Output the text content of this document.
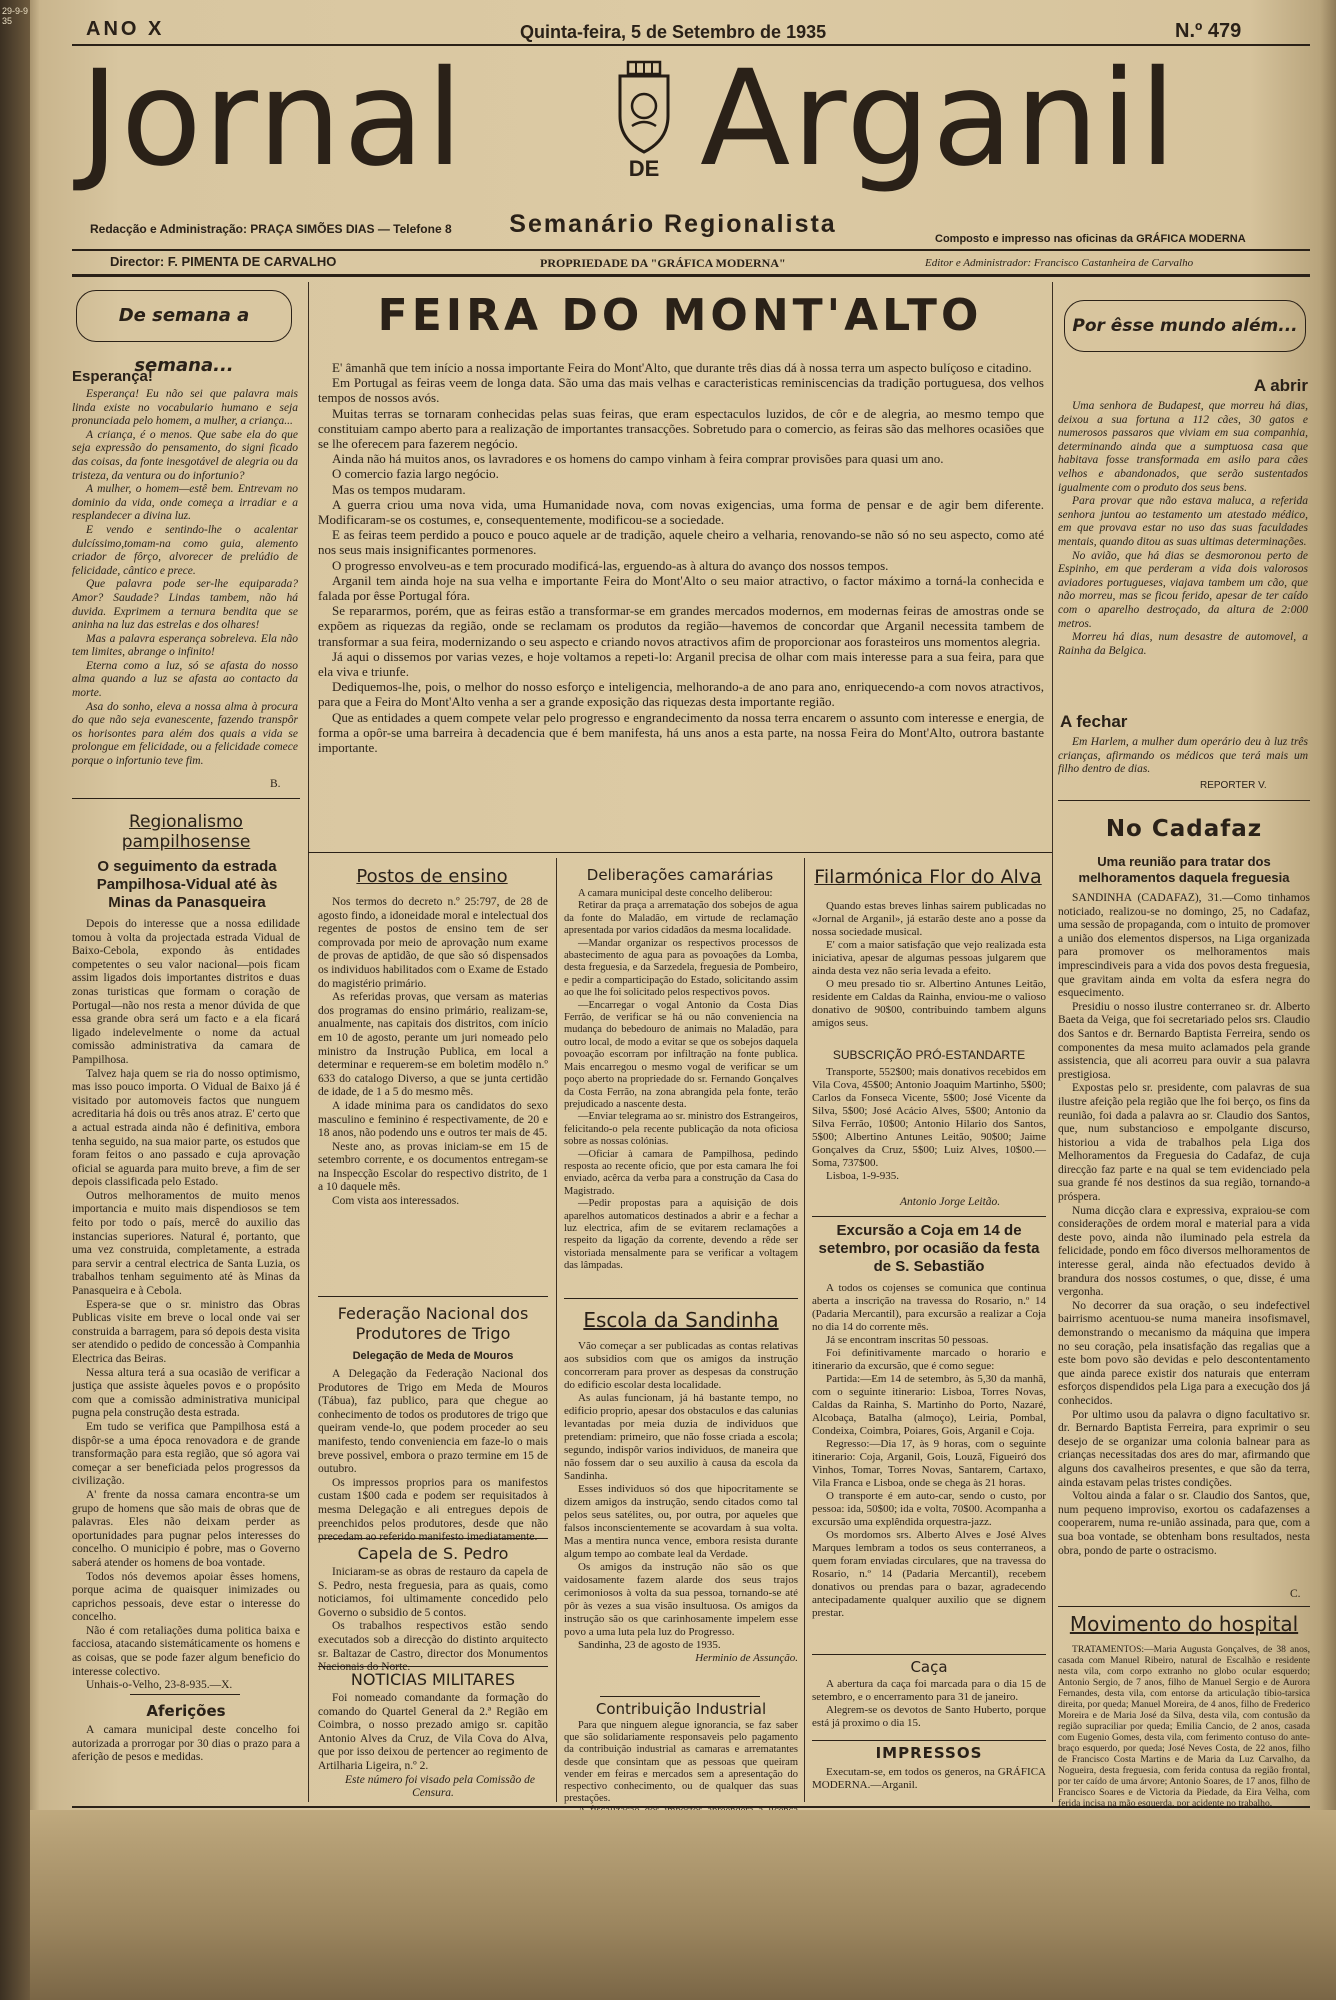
29-9-935	ANO X	Quinta-feira, 5 de Setembro de 1935	N.º 479
Jornal	DE Arganil
Redacção e Administração: PRAÇA SIMÕES DIAS — Telefone 8	Semanário Regionalista
Composto e impresso nas oficinas da GRÁFICA MODERNA
Director: F. PIMENTA DE CARVALHO	PROPRIEDADE DA "GRÁFICA MODERNA"	Editor e Administrador: Francisco Castanheira de Carvalho
De semana a semana...
Esperança!

Esperança! Eu não sei que palavra mais linda existe no vocabulario humano e seja pronunciada pelo homem, a mulher, a criança...

A criança, é o menos. Que sabe ela do que seja expressão do pensamento, do signi ficado das coisas, da fonte inesgotável de alegria ou da tristeza, da ventura ou do infortunio?

A mulher, o homem—estê bem. Entrevam no dominio da vida, onde começa a irradiar e a resplandecer a divina luz.

E vendo e sentindo-lhe o acalentar dulcíssimo,tomam-na como guia, alemento criador de fôrço, alvorecer de prelúdio de felicidade, cântico e prece.

Que palavra pode ser-lhe equiparada? Amor? Saudade? Lindas tambem, não há duvida. Exprimem a ternura bendita que se aninha na luz das estrelas e dos olhares!

Mas a palavra esperança sobreleva. Ela não tem limites, abrange o infinito!

Eterna como a luz, só se afasta do nosso alma quando a luz se afasta ao contacto da morte.

Asa do sonho, eleva a nossa alma à procura do que não seja evanescente, fazendo transpôr os horisontes para além dos quais a vida se prolongue em felicidade, ou a felicidade comece porque o infortunio teve fim.

B.
Regionalismo pampilhosense
O seguimento da estrada Pampilhosa-Vidual até às Minas da Panasqueira

Depois do interesse que a nossa edilidade tomou à volta da projectada estrada Vidual de Baixo-Cebola, expondo às entidades competentes o seu valor nacional—pois ficam assim ligados dois importantes distritos e duas zonas turisticas que formam o coração de Portugal—não nos resta a menor dúvida de que essa grande obra será um facto e a ela ficará ligado indelevelmente o nome da actual comissão administrativa da camara de Pampilhosa.

Talvez haja quem se ria do nosso optimismo, mas isso pouco importa. O Vidual de Baixo já é visitado por automoveis factos que nunguem acreditaria há dois ou três anos atraz. E' certo que a actual estrada ainda não é definitiva, embora tenha seguido, na sua maior parte, os estudos que foram feitos o ano passado e cuja aprovação oficial se aguarda para muito breve, a fim de ser depois classificada pelo Estado.

Outros melhoramentos de muito menos importancia e muito mais dispendiosos se tem feito por todo o país, mercê do auxilio das instancias superiores. Natural é, portanto, que uma vez construida, completamente, a estrada para servir a central electrica de Santa Luzia, os trabalhos tenham seguimento até às Minas da Panasqueira e à Cebola.

Espera-se que o sr. ministro das Obras Publicas visite em breve o local onde vai ser construida a barragem, para só depois desta visita ser atendido o pedido de concessão à Companhia Electrica das Beiras.

Nessa altura terá a sua ocasião de verificar a justiça que assiste àqueles povos e o propósito com que a comissão administrativa municipal pugna pela construção desta estrada.

Em tudo se verifica que Pampilhosa está a dispôr-se a uma época renovadora e de grande transformação para esta região, que só agora vai começar a ser beneficiada pelos progressos da civilização.

A' frente da nossa camara encontra-se um grupo de homens que são mais de obras que de palavras. Eles não deixam perder as oportunidades para pugnar pelos interesses do concelho. O municipio é pobre, mas o Governo saberá atender os homens de boa vontade.

Todos nós devemos apoiar êsses homens, porque acima de quaisquer inimizades ou caprichos pessoais, deve estar o interesse do concelho.

Não é com retaliações duma politica baixa e facciosa, atacando sistemáticamente os homens e as coisas, que se pode fazer algum beneficio do interesse colectivo.

Unhais-o-Velho, 23-8-935.—X.

Aferições

A camara municipal deste concelho foi autorizada a prorrogar por 30 dias o prazo para a aferição de pesos e medidas.

FEIRA DO MONT'ALTO

E' âmanhã que tem início a nossa importante Feira do Mont'Alto, que durante três dias dá à nossa terra um aspecto bulíçoso e citadino.

Em Portugal as feiras veem de longa data. São uma das mais velhas e caracteristicas reminiscencias da tradição portuguesa, dos velhos tempos de nossos avós.

Muitas terras se tornaram conhecidas pelas suas feiras, que eram espectaculos luzidos, de côr e de alegria, ao mesmo tempo que constituiam campo aberto para a realização de importantes transacções. Sobretudo para o comercio, as feiras são das melhores ocasiões que se lhe oferecem para fazerem negócio.

Ainda não há muitos anos, os lavradores e os homens do campo vinham à feira comprar provisões para quasi um ano.

O comercio fazia largo negócio.

Mas os tempos mudaram.

A guerra criou uma nova vida, uma Humanidade nova, com novas exigencias, uma forma de pensar e de agir bem diferente. Modificaram-se os costumes, e, consequentemente, modificou-se a sociedade.

E as feiras teem perdido a pouco e pouco aquele ar de tradição, aquele cheiro a velharia, renovando-se não só no seu aspecto, como até nos seus mais insignificantes pormenores.

O progresso envolveu-as e tem procurado modificá-las, erguendo-as à altura do avanço dos nossos tempos.

Arganil tem ainda hoje na sua velha e importante Feira do Mont'Alto o seu maior atractivo, o factor máximo a torná-la conhecida e falada por êsse Portugal fóra.

Se repararmos, porém, que as feiras estão a transformar-se em grandes mercados modernos, em modernas feiras de amostras onde se expõem as riquezas da região, onde se reclamam os produtos da região—havemos de concordar que Arganil necessita tambem de transformar a sua feira, modernizando o seu aspecto e criando novos atractivos afim de proporcionar aos forasteiros uns momentos alegria.

Já aqui o dissemos por varias vezes, e hoje voltamos a repeti-lo: Arganil precisa de olhar com mais interesse para a sua feira, para que ela viva e triunfe.

Dediquemos-lhe, pois, o melhor do nosso esforço e inteligencia, melhorando-a de ano para ano, enriquecendo-a com novos atractivos, para que a Feira do Mont'Alto venha a ser a grande exposição das riquezas desta importante região.

Que as entidades a quem compete velar pelo progresso e engrandecimento da nossa terra encarem o assunto com interesse e energia, de forma a opôr-se uma barreira à decadencia que é bem manifesta, há uns anos a esta parte, na nossa Feira do Mont'Alto, outrora bastante importante.

Postos de ensino

Nos termos do decreto n.º 25:797, de 28 de agosto findo, a idoneidade moral e intelectual dos regentes de postos de ensino tem de ser comprovada por meio de aprovação num exame de provas de aptidão, de que são só dispensados os individuos habilitados com o Exame de Estado do magistério primário.

As referidas provas, que versam as materias dos programas do ensino primário, realizam-se, anualmente, nas capitais dos distritos, com início em 10 de agosto, perante um juri nomeado pelo ministro da Instrução Publica, em local a determinar e requerem-se em boletim modêlo n.º 633 do catalogo Diverso, a que se junta certidão de idade, de 1 a 5 do mesmo mês.

A idade minima para os candidatos do sexo masculino e feminino é respectivamente, de 20 e 18 anos, não podendo uns e outros ter mais de 45.

Neste ano, as provas iniciam-se em 15 de setembro corrente, e os documentos entregam-se na Inspecção Escolar do respectivo distrito, de 1 a 10 daquele mês.

Com vista aos interessados.

Federação Nacional dos Produtores de Trigo
Delegação de Meda de Mouros

A Delegação da Federação Nacional dos Produtores de Trigo em Meda de Mouros (Tábua), faz publico, para que chegue ao conhecimento de todos os produtores de trigo que queiram vende-lo, que podem proceder ao seu manifesto, tendo conveniencia em faze-lo o mais breve possivel, embora o prazo termine em 15 de outubro.

Os impressos proprios para os manifestos custam 1$00 cada e podem ser requisitados à mesma Delegação e ali entregues depois de preenchidos pelos produtores, desde que não precedam ao referido manifesto imediatamente.

Capela de S. Pedro

Iniciaram-se as obras de restauro da capela de S. Pedro, nesta freguesia, para as quais, como noticiamos, foi ultimamente concedido pelo Governo o subsidio de 5 contos.

Os trabalhos respectivos estão sendo executados sob a direcção do distinto arquitecto sr. Baltazar de Castro, director dos Monumentos Nacionais do Norte.

NOTICIAS MILITARES

Foi nomeado comandante da formação do comando do Quartel General da 2.ª Região em Coimbra, o nosso prezado amigo sr. capitão Antonio Alves da Cruz, de Vila Cova do Alva, que por isso deixou de pertencer ao regimento de Artilharia Ligeira, n.º 2.

Este número foi visado pela Comissão de Censura.

Deliberações camarárias

A camara municipal deste concelho deliberou:

Retirar da praça a arrematação dos sobejos de agua da fonte do Maladão, em virtude de reclamação apresentada por varios cidadãos da mesma localidade.

—Mandar organizar os respectivos processos de abastecimento de agua para as povoações da Lomba, desta freguesia, e da Sarzedela, freguesia de Pombeiro, e pedir a comparticipação do Estado, solicitando assim ao que lhe foi solicitado pelos respectivos povos.

—Encarregar o vogal Antonio da Costa Dias Ferrão, de verificar se há ou não conveniencia na mudança do bebedouro de animais no Maladão, para outro local, de modo a evitar se que os sobejos daquela povoação escorram por infiltração na fonte publica. Mais encarregou o mesmo vogal de verificar se um poço aberto na propriedade do sr. Fernando Gonçalves da Costa Ferrão, na zona abrangida pela fonte, terão prejudicado a nascente desta.

—Enviar telegrama ao sr. ministro dos Estrangeiros, felicitando-o pela recente publicação da nota oficiosa sobre as nossas colónias.

—Oficiar à camara de Pampilhosa, pedindo resposta ao recente oficio, que por esta camara lhe foi enviado, acêrca da verba para a construção da Casa do Magistrado.

—Pedir propostas para a aquisição de dois aparelhos automaticos destinados a abrir e a fechar a luz electrica, afim de se evitarem reclamações a respeito da ligação da corrente, devendo a rêde ser vistoriada mensalmente para se verificar a voltagem das lâmpadas.

Escola da Sandinha

Vão começar a ser publicadas as contas relativas aos subsidios com que os amigos da instrução concorreram para prover as despesas da construção do edificio escolar desta localidade.

As aulas funcionam, já há bastante tempo, no edificio proprio, apesar dos obstaculos e das calunias levantadas por meia duzia de individuos que pretendiam: primeiro, que não fosse criada a escola; segundo, indispôr varios individuos, de maneira que não fossem dar o seu auxilio à causa da escola da Sandinha.

Esses individuos só dos que hipocritamente se dizem amigos da instrução, sendo citados como tal pelos seus satélites, ou, por outra, por aqueles que falsos inconscientemente se acovardam à sua volta. Mas a mentira nunca vence, embora resista durante algum tempo ao combate leal da Verdade.

Os amigos da instrução não são os que vaidosamente fazem alarde dos seus trajos cerimoniosos à volta da sua pessoa, tornando-se até pôr às vezes a sua visão insultuosa. Os amigos da instrução são os que carinhosamente impelem esse povo a uma luta pela luz do Progresso.

Sandinha, 23 de agosto de 1935.

Herminio de Assunção.

Contribuição Industrial

Para que ninguem alegue ignorancia, se faz saber que são solidariamente responsaveis pelo pagamento da contribuição industrial as camaras e arrematantes desde que consintam que as pessoas que queiram vender em feiras e mercados sem a apresentação do respectivo conhecimento, ou de qualquer das suas prestações.

Filarmónica Flor do Alva

Quando estas breves linhas sairem publicadas no «Jornal de Arganil», já estarão deste ano a posse da nossa sociedade musical.

E' com a maior satisfação que vejo realizada esta iniciativa, apesar de algumas pessoas julgarem que ainda desta vez não seria levada a efeito.

O meu presado tio sr. Albertino Antunes Leitão, residente em Caldas da Rainha, enviou-me o valioso donativo de 90$00, contribuindo tambem alguns amigos seus.

SUBSCRIÇÃO PRÓ-ESTANDARTE

Transporte, 552$00; mais donativos recebidos em Vila Cova, 45$00; Antonio Joaquim Martinho, 5$00; Carlos da Fonseca Vicente, 5$00; José Vicente da Silva, 5$00; José Acácio Alves, 5$00; Antonio da Silva Ferrão, 10$00; Antonio Hilario dos Santos, 5$00; Albertino Antunes Leitão, 90$00; Jaime Gonçalves da Cruz, 5$00; Luiz Alves, 10$00.—Soma, 737$00.

Lisboa, 1-9-935.

Antonio Jorge Leitão.
Excursão a Coja em 14 de setembro, por ocasião da festa de S. Sebastião

A todos os cojenses se comunica que continua aberta a inscrição na travessa do Rosario, n.º 14 (Padaria Mercantil), para excursão a realizar a Coja no dia 14 do corrente mês.

Já se encontram inscritas 50 pessoas.

Foi definitivamente marcado o horario e itinerario da excursão, que é como segue:

Partida:—Em 14 de setembro, às 5,30 da manhã, com o seguinte itinerario: Lisboa, Torres Novas, Caldas da Rainha, S. Martinho do Porto, Nazaré, Alcobaça, Batalha (almoço), Leiria, Pombal, Condeixa, Coimbra, Poiares, Gois, Arganil e Coja.

Regresso:—Dia 17, às 9 horas, com o seguinte itinerario: Coja, Arganil, Gois, Louzã, Figueiró dos Vinhos, Tomar, Torres Novas, Santarem, Cartaxo, Vila Franca e Lisboa, onde se chega às 21 horas.

O transporte é em auto-car, sendo o custo, por pessoa: ida, 50$00; ida e volta, 70$00. Acompanha a excursão uma explêndida orquestra-jazz.

Os mordomos srs. Alberto Alves e José Alves Marques lembram a todos os seus conterraneos, a quem foram enviadas circulares, que na travessa do Rosario, n.º 14 (Padaria Mercantil), recebem donativos ou prendas para o bazar, agradecendo antecipadamente qualquer auxilio que se dignem prestar.

Caça

A abertura da caça foi marcada para o dia 15 de setembro, e o encerramento para 31 de janeiro.

Alegrem-se os devotos de Santo Huberto, porque está já proximo o dia 15.

IMPRESSOS

Executam-se, em todos os generos, na GRÁFICA MODERNA.—Arganil.

Por êsse mundo além...
A abrir

Uma senhora de Budapest, que morreu há dias, deixou a sua fortuna a 112 cães, 30 gatos e numerosos passaros que viviam em sua companhia, determinando ainda que a sumptuosa casa que habitava fosse transformada em asilo para cães velhos e abandonados, que serão sustentados igualmente com o produto dos seus bens.

Para provar que não estava maluca, a referida senhora juntou ao testamento um atestado médico, em que provava estar no uso das suas faculdades mentais, quando ditou as suas ultimas determinações.

No avião, que há dias se desmoronou perto de Espinho, em que perderam a vida dois valorosos aviadores portugueses, viajava tambem um cão, que não morreu, mas se ficou ferido, apesar de ter caído com o aparelho destroçado, da altura de 2:000 metros.

Morreu há dias, num desastre de automovel, a Rainha da Belgica.

A fechar

Em Harlem, a mulher dum operário deu à luz três crianças, afirmando os médicos que terá mais um filho dentro de dias.

REPORTER V.
No Cadafaz
Uma reunião para tratar dos melhoramentos daquela freguesia

SANDINHA (CADAFAZ), 31.—Como tinhamos noticiado, realizou-se no domingo, 25, no Cadafaz, uma sessão de propaganda, com o intuito de promover a união dos elementos dispersos, na Liga organizada para promover os melhoramentos mais imprescindiveis para a vida dos povos desta freguesia, que gravitam ainda em volta da esfera negra do esquecimento.

Presidiu o nosso ilustre conterraneo sr. dr. Alberto Baeta da Veiga, que foi secretariado pelos srs. Claudio dos Santos e dr. Bernardo Baptista Ferreira, sendo os componentes da mesa muito aclamados pela grande assistencia, que ali acorreu para ouvir a sua palavra prestigiosa.

Expostas pelo sr. presidente, com palavras de sua ilustre afeição pela região que lhe foi berço, os fins da reunião, foi dada a palavra ao sr. Claudio dos Santos, que, num substancioso e empolgante discurso, historiou a vida de trabalhos pela Liga dos Melhoramentos da Freguesia do Cadafaz, de cuja direcção faz parte e na qual se tem evidenciado pela sua grande fé nos destinos da sua região, tornando-a próspera.

Numa dicção clara e expressiva, expraiou-se com considerações de ordem moral e material para a vida deste povo, ainda não iluminado pela estrela da felicidade, pondo em fôco diversos melhoramentos de interesse geral, ainda não efectuados devido à brandura dos nossos costumes, o que, disse, é uma vergonha.

No decorrer da sua oração, o seu indefectivel bairrismo acentuou-se numa maneira insofismavel, demonstrando o mecanismo da máquina que impera no seu coração, pela insatisfação das regalias que a este bom povo são devidas e pelo descontentamento que ainda parece existir dos naturais que enterram esforços dispendidos pela Liga para a execução dos já conhecidos.

Por ultimo usou da palavra o digno facultativo sr. dr. Bernardo Baptista Ferreira, para exprimir o seu desejo de se organizar uma colonia balnear para as crianças necessitadas dos ares do mar, afirmando que alguns dos cavalheiros presentes, e que são da terra, ainda estavam pelas tristes condições.

Voltou ainda a falar o sr. Claudio dos Santos, que, num pequeno improviso, exortou os cadafazenses a cooperarem, numa re-união assinada, para que, com a sua boa vontade, se obtenham bons resultados, nesta obra, pondo de parte o ostracismo.

C.
Movimento do hospital

TRATAMENTOS:—Maria Augusta Gonçalves, de 38 anos, casada com Manuel Ribeiro, natural de Escalhão e residente nesta vila, com corpo extranho no globo ocular esquerdo; Antonio Sergio, de 7 anos, filho de Manuel Sergio e de Aurora Fernandes, desta vila, com entorse da articulação tibio-tarsica direita, por queda; Manuel Moreira, de 4 anos, filho de Frederico Moreira e de Maria José da Silva, desta vila, com contusão da região supraciliar por queda; Emilia Cancio, de 2 anos, casada com Eugenio Gomes, desta vila, com ferimento contuso do ante-braço esquerdo, por queda; José Neves Costa, de 22 anos, filho de Francisco Costa Martins e de Maria da Luz Carvalho, da Nogueira, desta freguesia, com ferida contusa da região frontal, por ter caído de uma árvore; Antonio Soares, de 17 anos, filho de Francisco Soares e de Victoria da Piedade, da Eira Velha, com ferida incisa na mão esquerda, por acidente no trabalho.
